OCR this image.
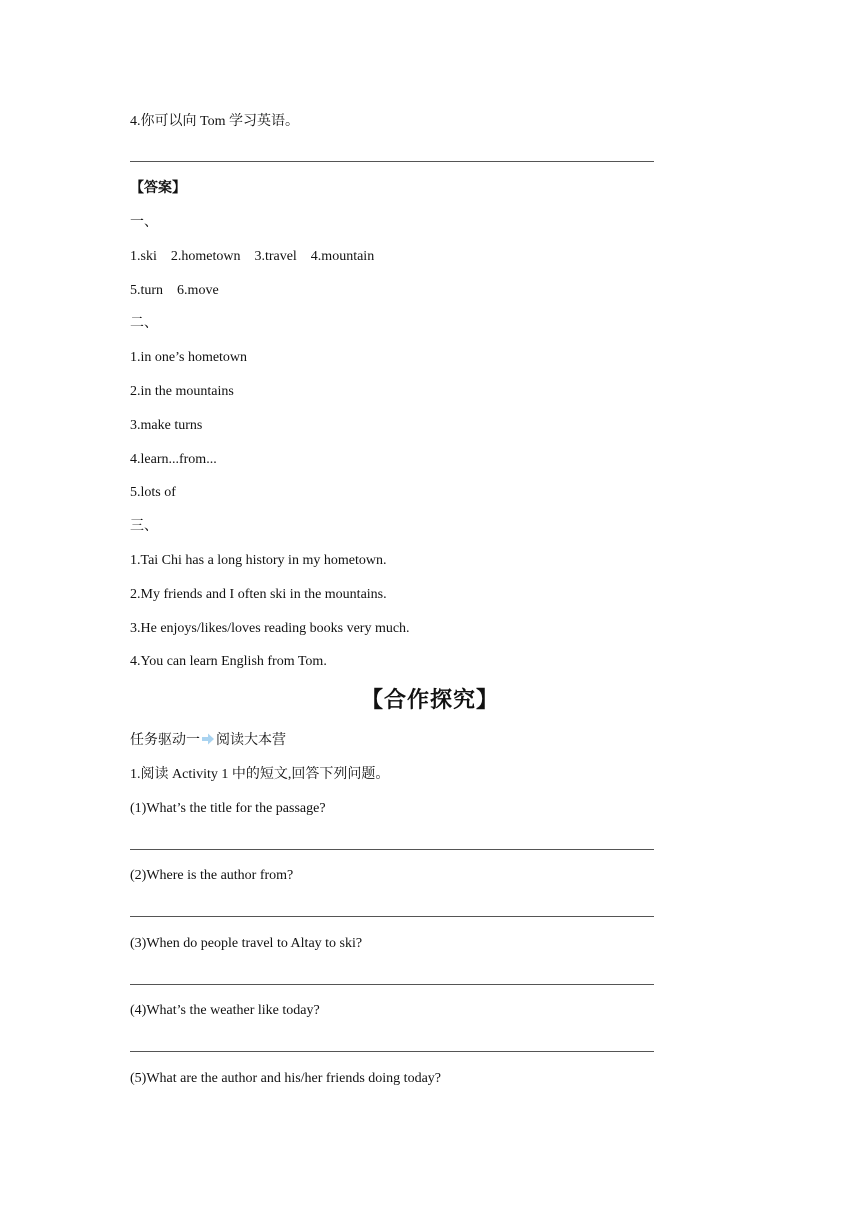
4.你可以向 Tom 学习英语。
【答案】
一、
1.ski    2.hometown    3.travel    4.mountain
5.turn    6.move
二、
1.in one’s hometown
2.in the mountains
3.make turns
4.learn...from...
5.lots of
三、
1.Tai Chi has a long history in my hometown.
2.My friends and I often ski in the mountains.
3.He enjoys/likes/loves reading books very much.
4.You can learn English from Tom.
【合作探究】
任务驱动一 阅读大本营
1.阅读 Activity 1 中的短文,回答下列问题。
(1)What’s the title for the passage?
(2)Where is the author from?
(3)When do people travel to Altay to ski?
(4)What’s the weather like today?
(5)What are the author and his/her friends doing today?
